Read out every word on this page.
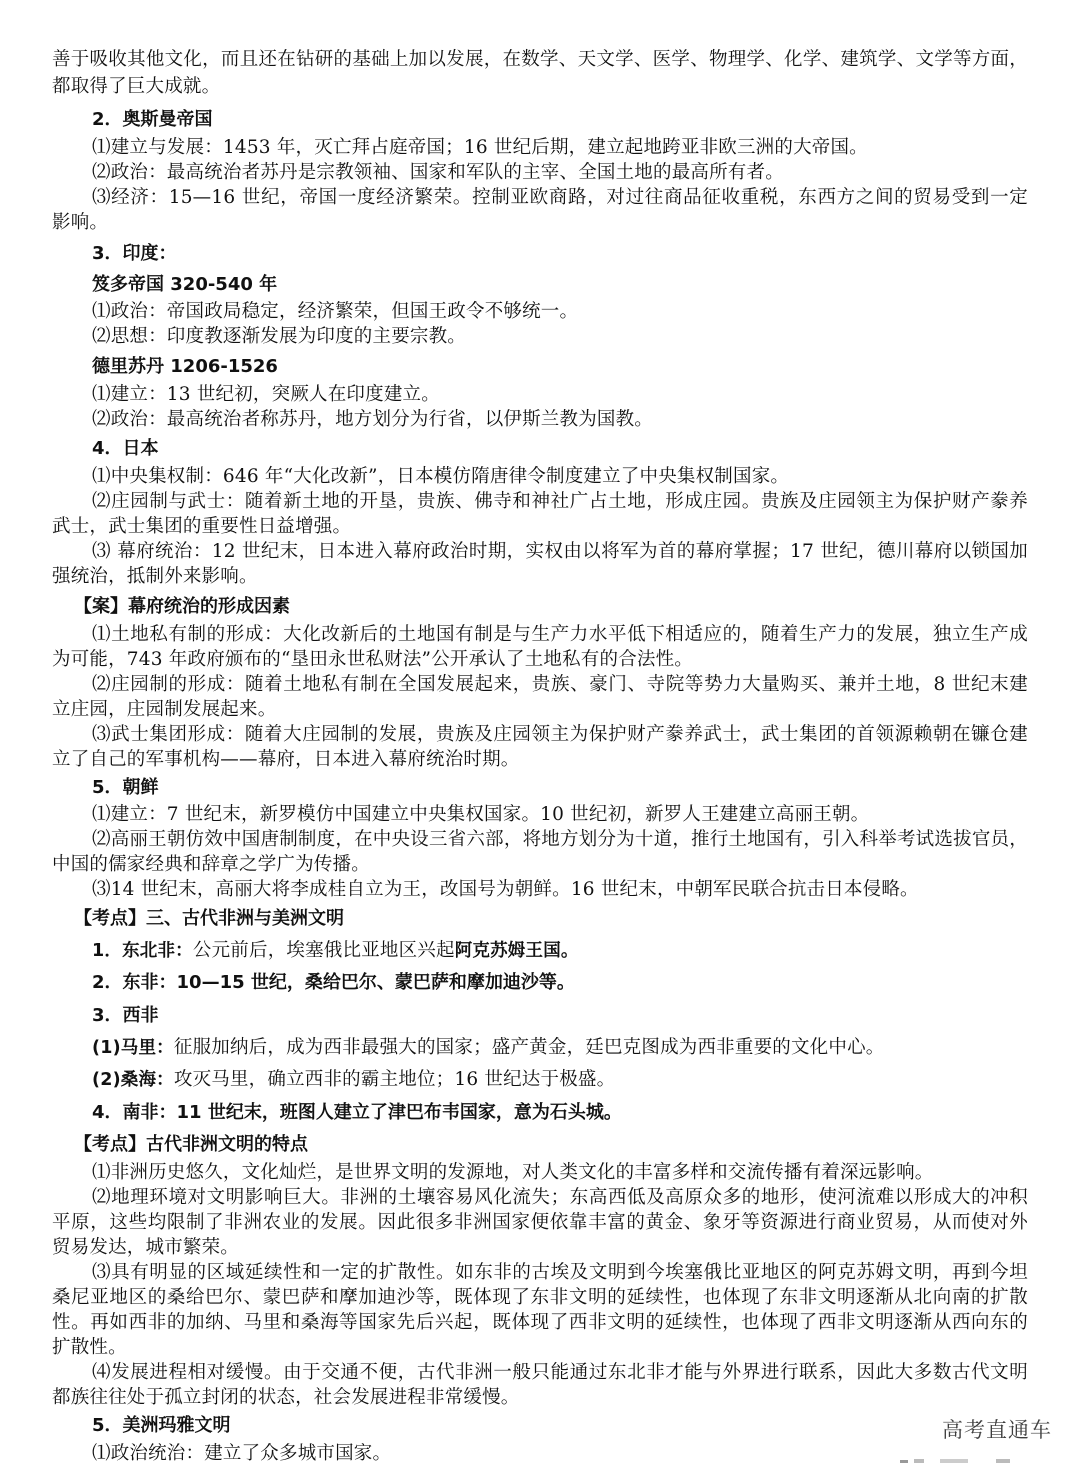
善于吸收其他文化，而且还在钻研的基础上加以发展，在数学、天文学、医学、物理学、化学、建筑学、文学等方面，
都取得了巨大成就。
2．奥斯曼帝国
⑴建立与发展：1453 年，灭亡拜占庭帝国；16 世纪后期，建立起地跨亚非欧三洲的大帝国。
⑵政治：最高统治者苏丹是宗教领袖、国家和军队的主宰、全国土地的最高所有者。
⑶经济：15—16 世纪，帝国一度经济繁荣。控制亚欧商路，对过往商品征收重税，东西方之间的贸易受到一定
影响。
3．印度：
笈多帝国 320-540 年
⑴政治：帝国政局稳定，经济繁荣，但国王政令不够统一。
⑵思想：印度教逐渐发展为印度的主要宗教。
德里苏丹 1206-1526
⑴建立：13 世纪初，突厥人在印度建立。
⑵政治：最高统治者称苏丹，地方划分为行省，以伊斯兰教为国教。
4．日本
⑴中央集权制：646 年“大化改新”，日本模仿隋唐律令制度建立了中央集权制国家。
⑵庄园制与武士：随着新土地的开垦，贵族、佛寺和神社广占土地，形成庄园。贵族及庄园领主为保护财产豢养
武士，武士集团的重要性日益增强。
⑶ 幕府统治：12 世纪末，日本进入幕府政治时期，实权由以将军为首的幕府掌握；17 世纪，德川幕府以锁国加
强统治，抵制外来影响。
【案】幕府统治的形成因素
⑴土地私有制的形成：大化改新后的土地国有制是与生产力水平低下相适应的，随着生产力的发展，独立生产成
为可能，743 年政府颁布的“垦田永世私财法”公开承认了土地私有的合法性。
⑵庄园制的形成：随着土地私有制在全国发展起来，贵族、豪门、寺院等势力大量购买、兼并土地，8 世纪末建
立庄园，庄园制发展起来。
⑶武士集团形成：随着大庄园制的发展，贵族及庄园领主为保护财产豢养武士，武士集团的首领源赖朝在镰仓建
立了自己的军事机构——幕府，日本进入幕府统治时期。
5．朝鲜
⑴建立：7 世纪末，新罗模仿中国建立中央集权国家。10 世纪初，新罗人王建建立高丽王朝。
⑵高丽王朝仿效中国唐制制度，在中央设三省六部，将地方划分为十道，推行土地国有，引入科举考试选拔官员，
中国的儒家经典和辞章之学广为传播。
⑶14 世纪末，高丽大将李成桂自立为王，改国号为朝鲜。16 世纪末，中朝军民联合抗击日本侵略。
【考点】三、古代非洲与美洲文明
1．东北非：公元前后，埃塞俄比亚地区兴起阿克苏姆王国。
2．东非：10—15 世纪，桑给巴尔、蒙巴萨和摩加迪沙等。
3．西非
(1)马里：征服加纳后，成为西非最强大的国家；盛产黄金，廷巴克图成为西非重要的文化中心。
(2)桑海：攻灭马里，确立西非的霸主地位；16 世纪达于极盛。
4．南非：11 世纪末，班图人建立了津巴布韦国家，意为石头城。
【考点】古代非洲文明的特点
⑴非洲历史悠久，文化灿烂，是世界文明的发源地，对人类文化的丰富多样和交流传播有着深远影响。
⑵地理环境对文明影响巨大。非洲的土壤容易风化流失；东高西低及高原众多的地形，使河流难以形成大的冲积
平原，这些均限制了非洲农业的发展。因此很多非洲国家便依靠丰富的黄金、象牙等资源进行商业贸易，从而使对外
贸易发达，城市繁荣。
⑶具有明显的区域延续性和一定的扩散性。如东非的古埃及文明到今埃塞俄比亚地区的阿克苏姆文明，再到今坦
桑尼亚地区的桑给巴尔、蒙巴萨和摩加迪沙等，既体现了东非文明的延续性，也体现了东非文明逐渐从北向南的扩散
性。再如西非的加纳、马里和桑海等国家先后兴起，既体现了西非文明的延续性，也体现了西非文明逐渐从西向东的
扩散性。
⑷发展进程相对缓慢。由于交通不便，古代非洲一般只能通过东北非才能与外界进行联系，因此大多数古代文明
都族往往处于孤立封闭的状态，社会发展进程非常缓慢。
5．美洲玛雅文明
⑴政治统治：建立了众多城市国家。
高考直通车
